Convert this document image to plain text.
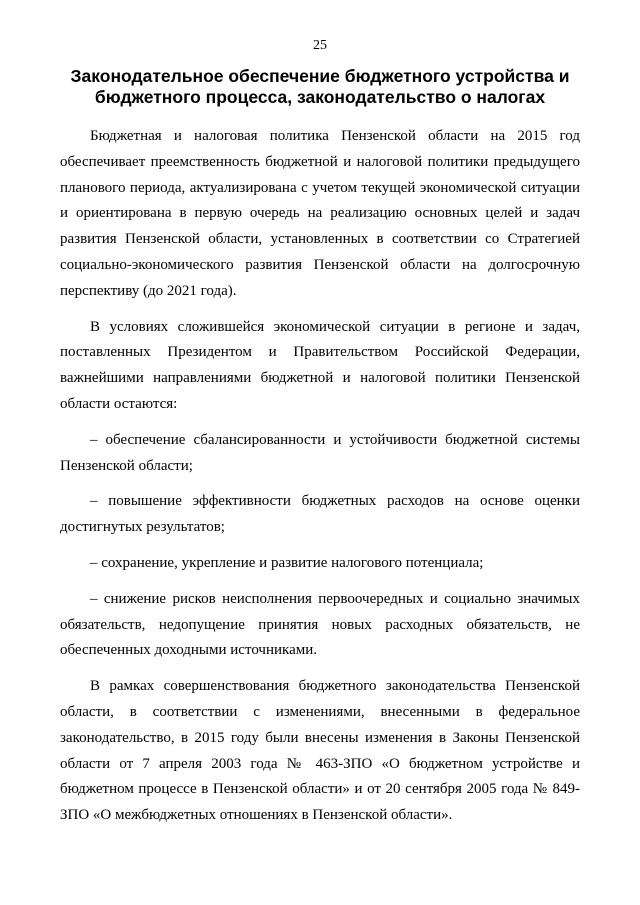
25
Законодательное обеспечение бюджетного устройства и бюджетного процесса, законодательство о налогах

Бюджетная и налоговая политика Пензенской области на 2015 год обеспечивает преемственность бюджетной и налоговой политики предыдущего планового периода, актуализирована с учетом текущей экономической ситуации и ориентирована в первую очередь на реализацию основных целей и задач развития Пензенской области, установленных в соответствии со Стратегией социально-экономического развития Пензенской области на долгосрочную перспективу (до 2021 года).

В условиях сложившейся экономической ситуации в регионе и задач, поставленных Президентом и Правительством Российской Федерации, важнейшими направлениями бюджетной и налоговой политики Пензенской области остаются:

– обеспечение сбалансированности и устойчивости бюджетной системы Пензенской области;

– повышение эффективности бюджетных расходов на основе оценки достигнутых результатов;

– сохранение, укрепление и развитие налогового потенциала;

– снижение рисков неисполнения первоочередных и социально значимых обязательств, недопущение принятия новых расходных обязательств, не обеспеченных доходными источниками.

В рамках совершенствования бюджетного законодательства Пензенской области, в соответствии с изменениями, внесенными в федеральное законодательство, в 2015 году были внесены изменения в Законы Пензенской области от 7 апреля 2003 года № 463-ЗПО «О бюджетном устройстве и бюджетном процессе в Пензенской области» и от 20 сентября 2005 года № 849-ЗПО «О межбюджетных отношениях в Пензенской области».
